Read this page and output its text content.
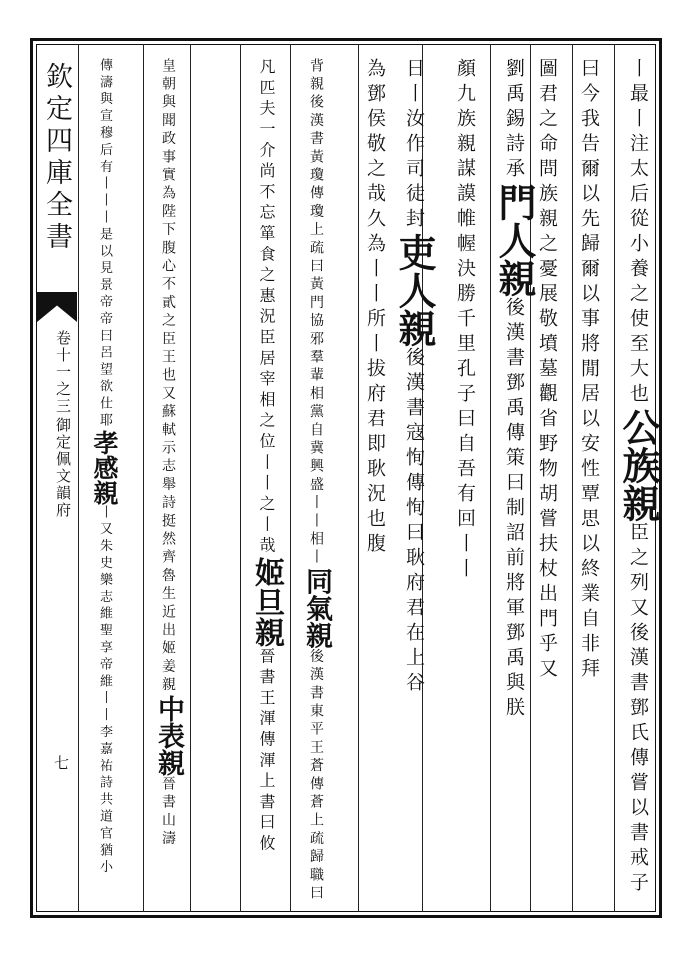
欽定四庫全書
卷十一之三
御定佩文韻府
七
丨最丨注太后從小養之使至大也公族親臣之列又後漢書鄧氏傳嘗以書戒子
曰今我告爾以先歸爾以事將閒居以安性覃思以終業自非拜
圖君之命問族親之憂展敬墳墓觀省野物胡嘗扶杖出門乎又
劉禹錫詩承門人親後漢書鄧禹傳策曰制詔前將軍鄧禹與朕
顏九族親謀謨帷幄決勝千里孔子曰自吾有回丨丨
日丨汝作司徒封吏人親後漢書寇恂傳恂曰耿府君在上谷
為鄧侯敬之哉久為丨丨所丨拔府君即耿況也腹
背親後漢書黃瓊傳瓊上疏曰黃門協邪羣輩相黨自冀興盛丨丨相丨同氣親後漢書東平王蒼傳蒼上疏歸職曰
凡匹夫一介尚不忘箪食之惠況臣居宰相之位丨丨之丨哉姬旦親晉書王渾傳渾上書曰攸
皇朝與聞政事實為陛下腹心不貳之臣王也又蘇軾示志舉詩挺然齊魯生近出姬姜親中表親晉書山濤
傳濤與宣穆后有丨丨丨是以見景帝帝曰呂望欲仕耶孝感親丨又朱史樂志維聖享帝維丨丨李嘉祐詩共道官猶小
